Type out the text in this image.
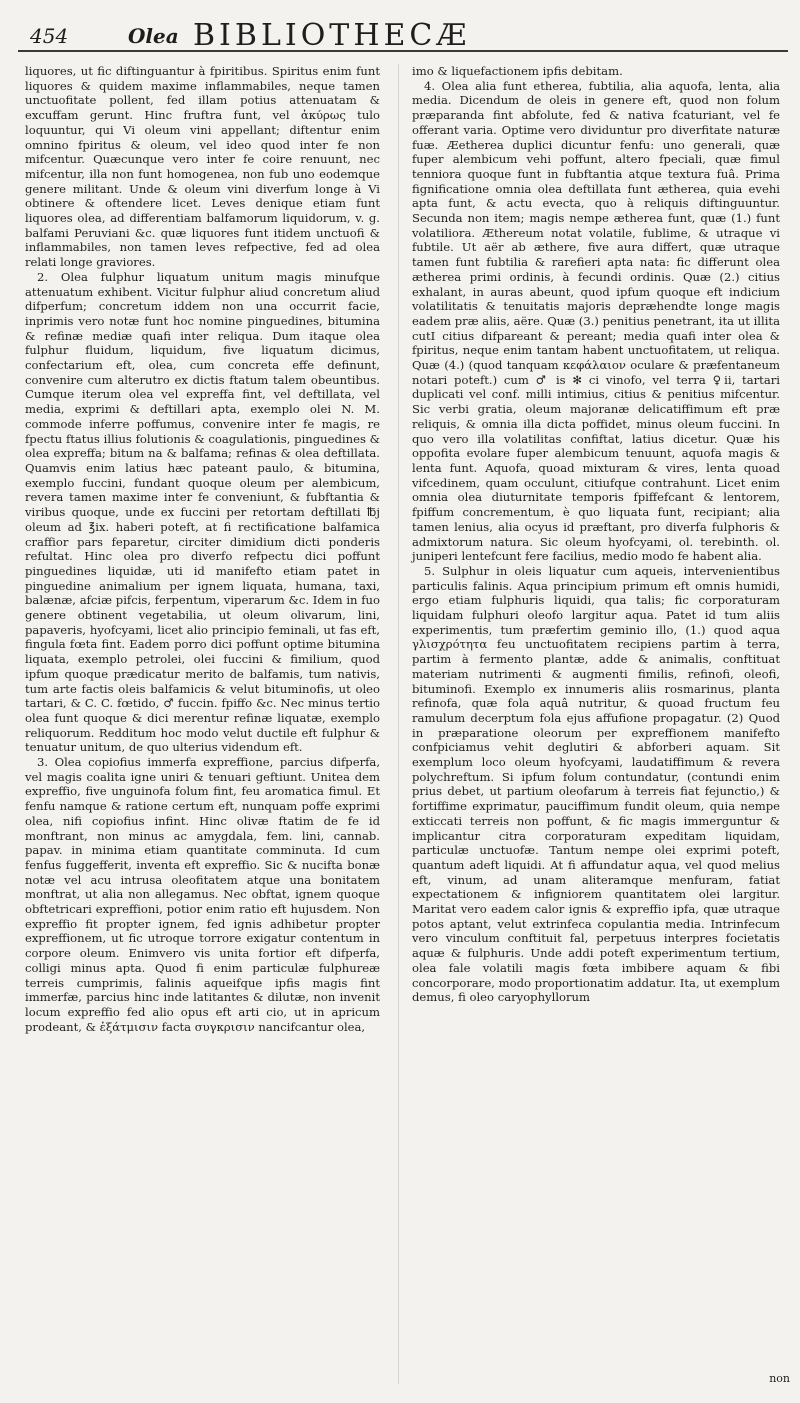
454	Olea BIBLIOTHECÆ

liquores, ut fic diftinguantur à fpiritibus. Spiritus enim funt liquores & quidem maxime inflammabiles, neque tamen unctuofitate pollent, fed illam potius attenuatam & excuffam gerunt. Hinc fruftra funt, vel ἀκύρως tulo loquuntur, qui Vi oleum vini appellant; diftentur enim omnino fpiritus & oleum, vel ideo quod inter fe non mifcentur. Quæcunque vero inter fe coire renuunt, nec mifcentur, illa non funt homogenea, non fub uno eodemque genere militant. Unde & oleum vini diverfum longe à Vi obtinere & oftendere licet. Leves denique etiam funt liquores olea, ad differentiam balfamorum liquidorum, v. g. balfami Peruviani &c. quæ liquores funt itidem unctuofi & inflammabiles, non tamen leves refpective, fed ad olea relati longe graviores.

2. Olea fulphur liquatum unitum magis minufque attenuatum exhibent. Vicitur fulphur aliud concretum aliud difperfum; concretum iddem non una occurrit facie, inprimis vero notæ funt hoc nomine pinguedines, bitumina & refinæ mediæ quafi inter reliqua. Dum itaque olea fulphur fluidum, liquidum, five liquatum dicimus, confectarium eft, olea, cum concreta effe definunt, convenire cum alterutro ex dictis ftatum talem obeuntibus. Cumque iterum olea vel expreffa fint, vel deftillata, vel media, exprimi & deftillari apta, exemplo olei N. M. commode inferre poffumus, convenire inter fe magis, re fpectu ftatus illius folutionis & coagulationis, pinguedines & olea expreffa; bitum na & balfama; refinas & olea deftillata. Quamvis enim latius hæc pateant paulo, & bitumina, exemplo fuccini, fundant quoque oleum per alembicum, revera tamen maxime inter fe conveniunt, & fubftantia & viribus quoque, unde ex fuccini per retortam deftillati ℔j oleum ad ℥ix. haberi poteft, at fi rectificatione balfamica craffior pars feparetur, circiter dimidium dicti ponderis refultat. Hinc olea pro diverfo refpectu dici poffunt pinguedines liquidæ, uti id manifefto etiam patet in pinguedine animalium per ignem liquata, humana, taxi, balænæ, afciæ pifcis, ferpentum, viperarum &c. Idem in fuo genere obtinent vegetabilia, ut oleum olivarum, lini, papaveris, hyofcyami, licet alio principio feminali, ut fas eft, fingula fœta fint. Eadem porro dici poffunt optime bitumina liquata, exemplo petrolei, olei fuccini & fimilium, quod ipfum quoque prædicatur merito de balfamis, tum nativis, tum arte factis oleis balfamicis & velut bituminofis, ut oleo tartari, & C. C. fœtido, ♂ fuccin. fpiffo &c. Nec minus tertio olea funt quoque & dici merentur refinæ liquatæ, exemplo reliquorum. Redditum hoc modo velut ductile eft fulphur & tenuatur unitum, de quo ulterius videndum eft.

3. Olea copiofius immerfa expreffione, parcius difperfa, vel magis coalita igne uniri & tenuari geftiunt. Unitea dem expreffio, five unguinofa folum fint, feu aromatica fimul. Et fenfu namque & ratione certum eft, nunquam poffe exprimi olea, nifi copiofius infint. Hinc olivæ ftatim de fe id monftrant, non minus ac amygdala, fem. lini, cannab. papav. in minima etiam quantitate comminuta. Id cum fenfus fuggefferit, inventa eft expreffio. Sic & nucifta bonæ notæ vel acu intrusa oleofitatem atque una bonitatem monftrat, ut alia non allegamus. Nec obftat, ignem quoque obftetricari expreffioni, potior enim ratio eft hujusdem. Non expreffio fit propter ignem, fed ignis adhibetur propter expreffionem, ut fic utroque torrore exigatur contentum in corpore oleum. Enimvero vis unita fortior eft difperfa, colligi minus apta. Quod fi enim particulæ fulphureæ terreis cumprimis, falinis aqueifque ipfis magis fint immerfæ, parcius hinc inde latitantes & dilutæ, non invenit locum expreffio fed alio opus eft arti cio, ut in apricum prodeant, & ἐξάτμισιν facta συγκρισιν nancifcantur olea,

imo & liquefactionem ipfis debitam.

4. Olea alia funt etherea, fubtilia, alia aquofa, lenta, alia media. Dicendum de oleis in genere eft, quod non folum præparanda fint abfolute, fed & nativa fcaturiant, vel fe offerant varia. Optime vero dividuntur pro diverfitate naturæ fuæ. Æetherea duplici dicuntur fenfu: uno generali, quæ fuper alembicum vehi poffunt, altero fpeciali, quæ fimul tenniora quoque funt in fubftantia atque textura fuâ. Prima fignificatione omnia olea deftillata funt ætherea, quia evehi apta funt, & actu evecta, quo à reliquis diftinguuntur. Secunda non item; magis nempe ætherea funt, quæ (1.) funt volatiliora. Æthereum notat volatile, fublime, & utraque vi fubtile. Ut aër ab æthere, five aura differt, quæ utraque tamen funt fubtilia & rarefieri apta nata: fic differunt olea ætherea primi ordinis, à fecundi ordinis. Quæ (2.) citius exhalant, in auras abeunt, quod ipfum quoque eft indicium volatilitatis & tenuitatis majoris depræhendte longe magis eadem præ aliis, aëre. Quæ (3.) penitius penetrant, ita ut illita cutI citius difpareant & pereant; media quafi inter olea & fpiritus, neque enim tantam habent unctuofitatem, ut reliqua. Quæ (4.) (quod tanquam κεφάλαιον oculare & præfentaneum notari poteft.) cum ♂ is ✻ ci vinofo, vel terra ♀ii, tartari duplicati vel conf. milli intimius, citius & penitius mifcentur. Sic verbi gratia, oleum majoranæ delicatiffimum eft præ reliquis, & omnia illa dicta poffidet, minus oleum fuccini. In quo vero illa volatilitas confiftat, latius dicetur. Quæ his oppofita evolare fuper alembicum tenuunt, aquofa magis & lenta funt. Aquofa, quoad mixturam & vires, lenta quoad vifcedinem, quam occulunt, citiufque contrahunt. Licet enim omnia olea diuturnitate temporis fpiffefcant & lentorem, fpiffum concrementum, è quo liquata funt, recipiant; alia tamen lenius, alia ocyus id præftant, pro diverfa fulphoris & admixtorum natura. Sic oleum hyofcyami, ol. terebinth. ol. juniperi lentefcunt fere facilius, medio modo fe habent alia.

5. Sulphur in oleis liquatur cum aqueis, intervenientibus particulis falinis. Aqua principium primum eft omnis humidi, ergo etiam fulphuris liquidi, qua talis; fic corporaturam liquidam fulphuri oleofo largitur aqua. Patet id tum aliis experimentis, tum præfertim geminio illo, (1.) quod aqua γλισχρότητα feu unctuofitatem recipiens partim à terra, partim à fermento plantæ, adde & animalis, conftituat materiam nutrimenti & augmenti fimilis, refinofi, oleofi, bituminofi. Exemplo ex innumeris aliis rosmarinus, planta refinofa, quæ fola aquâ nutritur, & quoad fructum feu ramulum decerptum fola ejus affufione propagatur. (2) Quod in præparatione oleorum per expreffionem manifefto confpiciamus vehit deglutiri & abforberi aquam. Sit exemplum loco oleum hyofcyami, laudatiffimum & revera polychreftum. Si ipfum folum contundatur, (contundi enim prius debet, ut partium oleofarum à terreis fiat fejunctio,) & fortiffime exprimatur, pauciffimum fundit oleum, quia nempe exticcati terreis non poffunt, & fic magis immerguntur & implicantur citra corporaturam expeditam liquidam, particulæ unctuofæ. Tantum nempe olei exprimi poteft, quantum adeft liquidi. At fi affundatur aqua, vel quod melius eft, vinum, ad unam aliteramque menfuram, fatiat expectationem & infigniorem quantitatem olei largitur. Maritat vero eadem calor ignis & expreffio ipfa, quæ utraque potos aptant, velut extrinfeca copulantia media. Intrinfecum vero vinculum conftituit fal, perpetuus interpres focietatis aquæ & fulphuris. Unde addi poteft experimentum tertium, olea fale volatili magis fœta imbibere aquam & fibi concorporare, modo proportionatim addatur. Ita, ut exemplum demus, fi oleo caryophyllorum

non
